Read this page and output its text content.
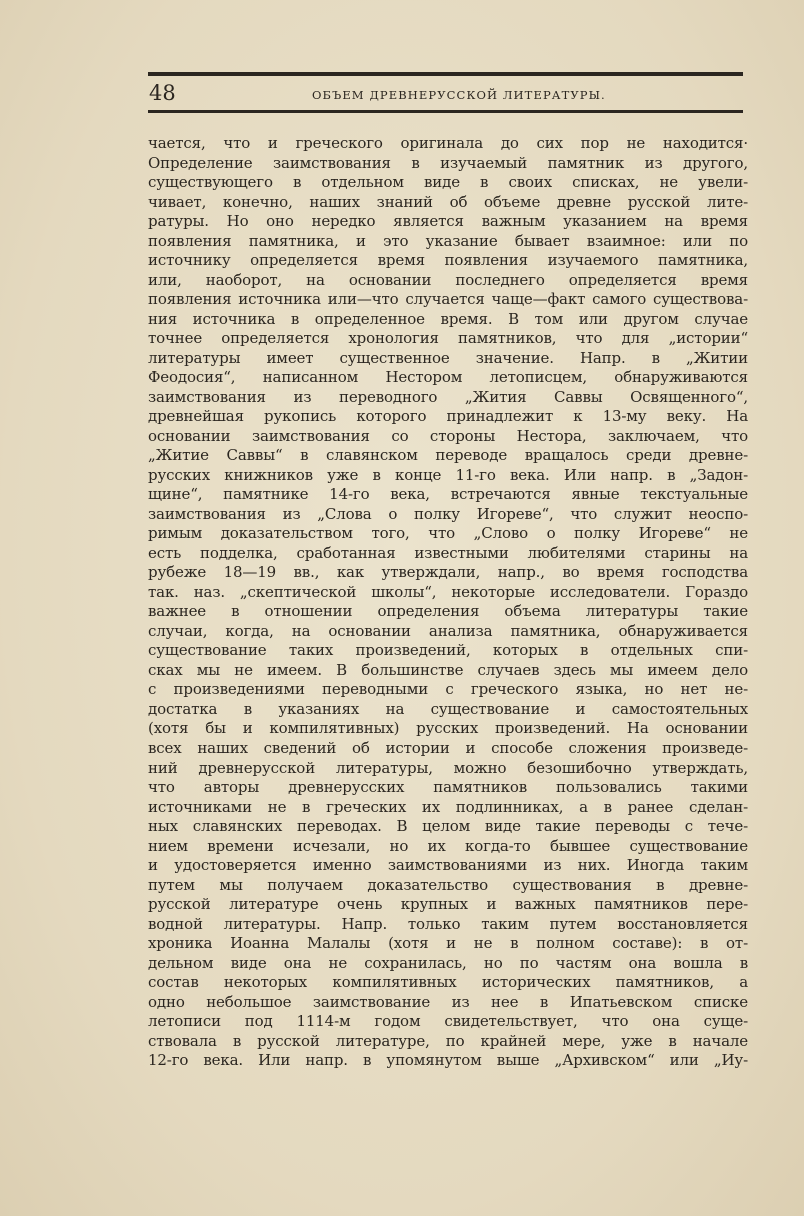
48	ОБЪЕМ ДРЕВНЕРУССКОЙ ЛИТЕРАТУРЫ.
чается, что и греческого оригинала до сих пор не находится·
Определение заимствования в изучаемый памятник из другого,
существующего в отдельном виде в своих списках, не увели-
чивает, конечно, наших знаний об объеме древне русской лите-
ратуры. Но оно нередко является важным указанием на время
появления памятника, и это указание бывает взаимное: или по
источнику определяется время появления изучаемого памятника,
или, наоборот, на основании последнего определяется время
появления источника или—что случается чаще—факт самого существова-
ния источника в определенное время. В том или другом случае
точнее определяется хронология памятников, что для „истории“
литературы имеет существенное значение. Напр. в „Житии
Феодосия“, написанном Нестором летописцем, обнаруживаются
заимствования из переводного „Жития Саввы Освященного“,
древнейшая рукопись которого принадлежит к 13-му веку. На
основании заимствования со стороны Нестора, заключаем, что
„Житие Саввы“ в славянском переводе вращалось среди древне-
русских книжников уже в конце 11-го века. Или напр. в „Задон-
щине“, памятнике 14-го века, встречаются явные текстуальные
заимствования из „Слова о полку Игореве“, что служит неоспо-
римым доказательством того, что „Слово о полку Игореве“ не
есть подделка, сработанная известными любителями старины на
рубеже 18—19 вв., как утверждали, напр., во время господства
так. наз. „скептической школы“, некоторые исследователи. Гораздо
важнее в отношении определения объема литературы такие
случаи, когда, на основании анализа памятника, обнаруживается
существование таких произведений, которых в отдельных спи-
сках мы не имеем. В большинстве случаев здесь мы имеем дело
с произведениями переводными с греческого языка, но нет не-
достатка в указаниях на существование и самостоятельных
(хотя бы и компилятивных) русских произведений. На основании
всех наших сведений об истории и способе сложения произведе-
ний древнерусской литературы, можно безошибочно утверждать,
что авторы древнерусских памятников пользовались такими
источниками не в греческих их подлинниках, а в ранее сделан-
ных славянских переводах. В целом виде такие переводы с тече-
нием времени исчезали, но их когда-то бывшее существование
и удостоверяется именно заимствованиями из них. Иногда таким
путем мы получаем доказательство существования в древне-
русской литературе очень крупных и важных памятников пере-
водной литературы. Напр. только таким путем восстановляется
хроника Иоанна Малалы (хотя и не в полном составе): в от-
дельном виде она не сохранилась, но по частям она вошла в
состав некоторых компилятивных исторических памятников, а
одно небольшое заимствование из нее в Ипатьевском списке
летописи под 1114-м годом свидетельствует, что она суще-
ствовала в русской литературе, по крайней мере, уже в начале
12-го века. Или напр. в упомянутом выше „Архивском“ или „Иу-
